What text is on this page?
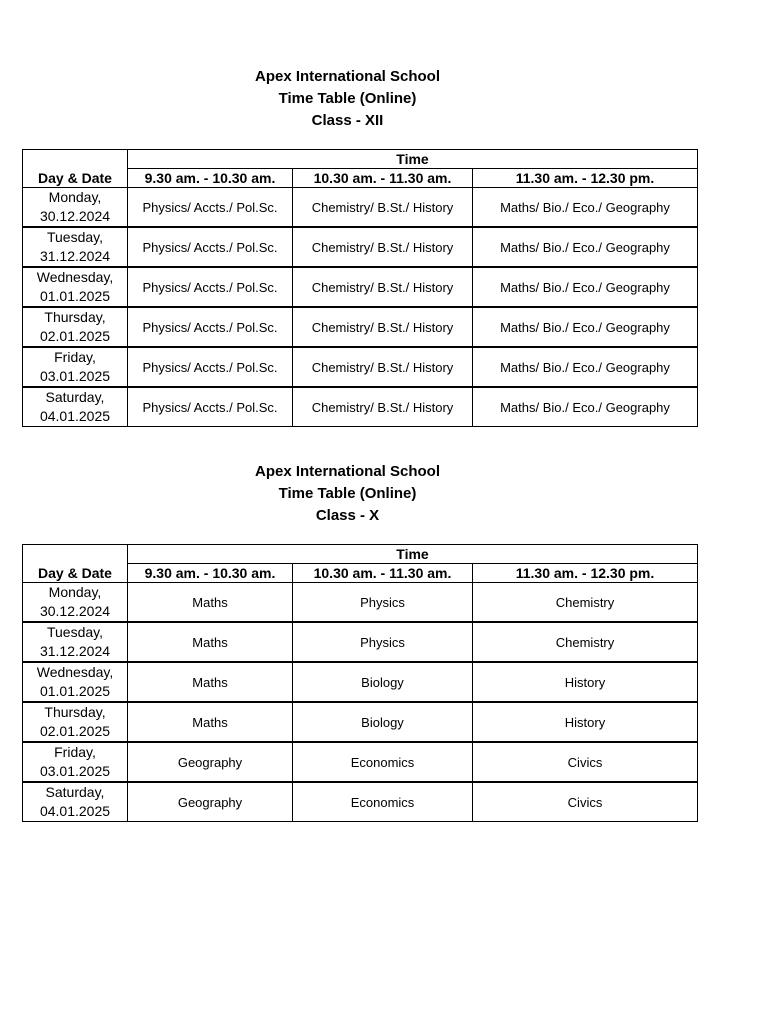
Apex International School
Time Table (Online)
Class - XII
Day & Date	Time		
	9.30 am. - 10.30 am.	10.30 am. - 11.30 am.	11.30 am. - 12.30 pm.
Monday,
30.12.2024	Physics/ Accts./ Pol.Sc.	Chemistry/ B.St./ History	Maths/ Bio./ Eco./ Geography
Tuesday,
31.12.2024	Physics/ Accts./ Pol.Sc.	Chemistry/ B.St./ History	Maths/ Bio./ Eco./ Geography
Wednesday,
01.01.2025	Physics/ Accts./ Pol.Sc.	Chemistry/ B.St./ History	Maths/ Bio./ Eco./ Geography
Thursday,
02.01.2025	Physics/ Accts./ Pol.Sc.	Chemistry/ B.St./ History	Maths/ Bio./ Eco./ Geography
Friday,
03.01.2025	Physics/ Accts./ Pol.Sc.	Chemistry/ B.St./ History	Maths/ Bio./ Eco./ Geography
Saturday,
04.01.2025	Physics/ Accts./ Pol.Sc.	Chemistry/ B.St./ History	Maths/ Bio./ Eco./ Geography
Apex International School
Time Table (Online)
Class - X
Day & Date	Time		
	9.30 am. - 10.30 am.	10.30 am. - 11.30 am.	11.30 am. - 12.30 pm.
Monday,
30.12.2024	Maths	Physics	Chemistry
Tuesday,
31.12.2024	Maths	Physics	Chemistry
Wednesday,
01.01.2025	Maths	Biology	History
Thursday,
02.01.2025	Maths	Biology	History
Friday,
03.01.2025	Geography	Economics	Civics
Saturday,
04.01.2025	Geography	Economics	Civics
